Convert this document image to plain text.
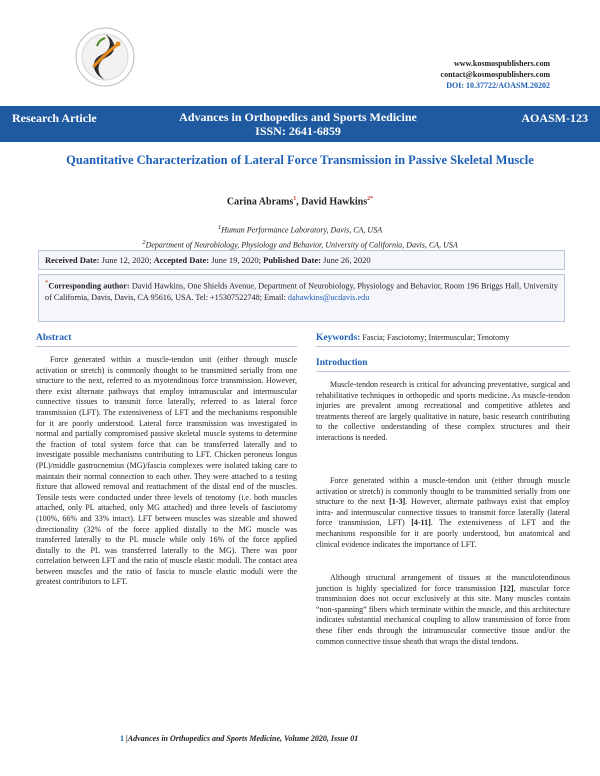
www.kosmospublishers.com
contact@kosmospublishers.com
DOI: 10.37722/AOASM.20202
Research Article	Advances in Orthopedics and Sports Medicine
ISSN: 2641-6859
AOASM-123
Quantitative Characterization of Lateral Force Transmission in Passive Skeletal Muscle
Carina Abrams$^1$, David Hawkins$^{2*}$
$^1$Human Performance Laboratory, Davis, CA, USA
$^2$Department of Neurobiology, Physiology and Behavior, University of California, Davis, CA, USA
Received Date: June 12, 2020; Accepted Date: June 19, 2020; Published Date: June 26, 2020
*Corresponding author: David Hawkins, One Shields Avenue, Department of Neurobiology, Physiology and Behavior, Room 196 Briggs Hall, University of California, Davis, Davis, CA 95616, USA. Tel: +15307522748; Email: dahawkins@ucdavis.edu
Abstract	Keywords: Fascia; Fasciotomy; Intermuscular; Tenotomy
Force generated within a muscle-tendon unit (either through muscle activation or stretch) is commonly thought to be transmitted serially from one structure to the next, referred to as myotendinous force transmission. However, there exist alternate pathways that employ intramuscular and intermuscular connective tissues to transmit force laterally, referred to as lateral force transmission (LFT). The extensiveness of LFT and the mechanisms responsible for it are poorly understood. Lateral force transmission was investigated in normal and partially compromised passive skeletal muscle systems to determine the fraction of total system force that can be transferred laterally and to investigate possible mechanisms contributing to LFT. Chicken peroneus longus (PL)/middle gastrocnemius (MG)/fascia complexes were isolated taking care to maintain their normal connection to each other. They were attached to a testing fixture that allowed removal and reattachment of the distal end of the muscles. Tensile tests were conducted under three levels of tenotomy (i.e. both muscles attached, only PL attached, only MG attached) and three levels of fasciotomy (100%, 66% and 33% intact). LFT between muscles was sizeable and showed directionality (32% of the force applied distally to the MG muscle was transferred laterally to the PL muscle while only 16% of the force applied distally to the PL was transferred laterally to the MG). There was poor correlation between LFT and the ratio of muscle elastic moduli. The contact area between muscles and the ratio of fascia to muscle elastic moduli were the greatest contributors to LFT.
Introduction
Muscle-tendon research is critical for advancing preventative, surgical and rehabilitative techniques in orthopedic and sports medicine. As muscle-tendon injuries are prevalent among recreational and competitive athletes and treatments thereof are largely qualitative in nature, basic research contributing to the collective understanding of these complex structures and their interactions is needed.
Force generated within a muscle-tendon unit (either through muscle activation or stretch) is commonly thought to be transmitted serially from one structure to the next [1-3]. However, alternate pathways exist that employ intra- and intermuscular connective tissues to transmit force laterally (lateral force transmission, LFT) [4-11]. The extensiveness of LFT and the mechanisms responsible for it are poorly understood, but anatomical and clinical evidence indicates the importance of LFT.
Although structural arrangement of tissues at the musculotendinous junction is highly specialized for force transmission [12], muscular force transmission does not occur exclusively at this site. Many muscles contain “non-spanning” fibers which terminate within the muscle, and this architecture indicates substantial mechanical coupling to allow transmission of force from these fiber ends through the intramuscular connective tissue and/or the common connective tissue sheath that wraps the distal tendons.
1 |Advances in Orthopedics and Sports Medicine, Volume 2020, Issue 01
